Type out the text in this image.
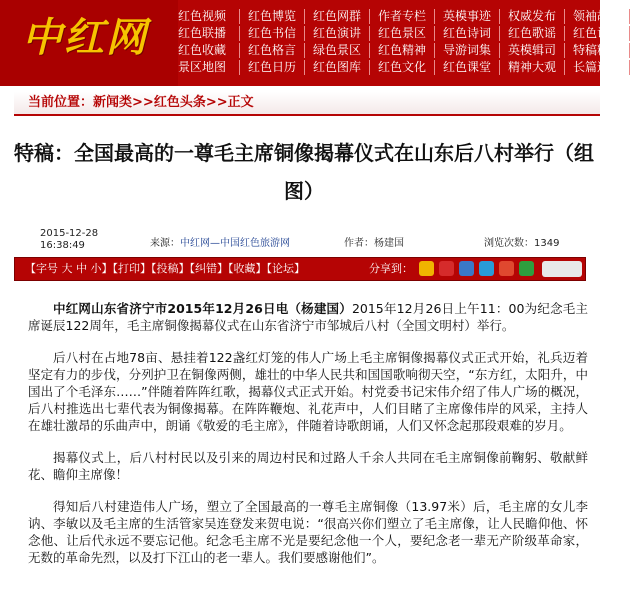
中红网	红色视频 红色博览 红色网群 作者专栏 英模事迹 权威发布 领袖故事
红色联播 红色书信 红色演讲 红色景区 红色诗词 红色歌谣 红色记忆
红色收藏 红色格言 绿色景区 红色精神 导游词集 英模辑司 特稿精选
景区地图 红色日历 红色图库 红色文化 红色课堂 精神大观 长篇连载
当前位置：新闻类>>红色头条>>正文
特稿：全国最高的一尊毛主席铜像揭幕仪式在山东后八村举行（组图）
2015-12-28
16:38:49	来源：中红网—中国红色旅游网	作者：杨建国	浏览次数：1349
【字号 大 中 小】【打印】【投稿】【纠错】【收藏】【论坛】	分享到：

中红网山东省济宁市2015年12月26日电（杨建国）2015年12月26日上午11：00为纪念毛主席诞辰122周年，毛主席铜像揭幕仪式在山东省济宁市邹城后八村（全国文明村）举行。

后八村在占地78亩、悬挂着122盏红灯笼的伟人广场上毛主席铜像揭幕仪式正式开始，礼兵迈着坚定有力的步伐，分列护卫在铜像两侧，雄壮的中华人民共和国国歌响彻天空，“东方红，太阳升，中国出了个毛泽东……”伴随着阵阵红歌，揭幕仪式正式开始。村党委书记宋伟介绍了伟人广场的概况，后八村推选出七辈代表为铜像揭幕。在阵阵鞭炮、礼花声中，人们目睹了主席像伟岸的风采，主持人在雄壮激昂的乐曲声中，朗诵《敬爱的毛主席》，伴随着诗歌朗诵，人们又怀念起那段艰难的岁月。

揭幕仪式上，后八村村民以及引来的周边村民和过路人千余人共同在毛主席铜像前鞠躬、敬献鲜花、瞻仰主席像！

得知后八村建造伟人广场，塑立了全国最高的一尊毛主席铜像（13.97米）后，毛主席的女儿李讷、李敏以及毛主席的生活管家吴连登发来贺电说：“很高兴你们塑立了毛主席像，让人民瞻仰他、怀念他、让后代永远不要忘记他。纪念毛主席不光是要纪念他一个人，要纪念老一辈无产阶级革命家，无数的革命先烈，以及打下江山的老一辈人。我们要感谢他们”。
